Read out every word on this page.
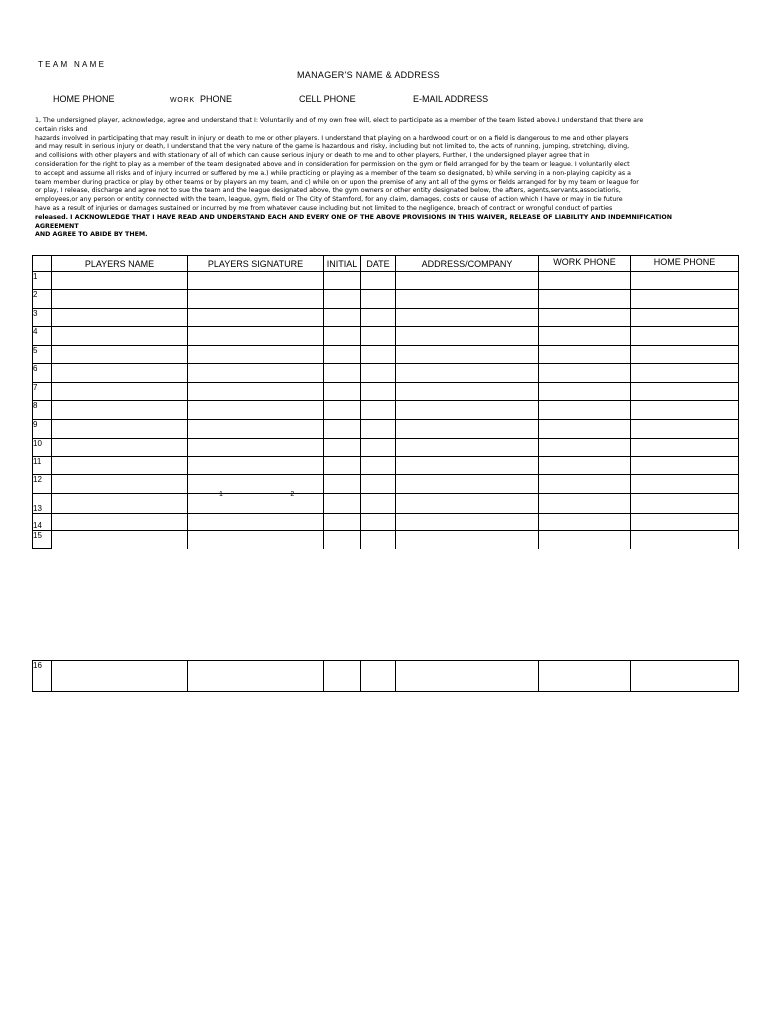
TEAM NAME
MANAGER'S NAME & ADDRESS
HOME PHONE	WORK PHONE	CELL PHONE	E-MAIL ADDRESS
1, The undersigned player, acknowledge, agree and understand that I: Voluntarily and of my own free will, elect to participate as a member of the team listed above.I understand that there are
certain risks and
hazards involved in participating that may result in injury or death to me or other players. I understand that playing on a hardwood court or on a field is dangerous to me and other players
and may result in serious injury or death, I understand that the very nature of the game is hazardous and risky, including but not limited to, the acts of running, jumping, stretching, diving,
and collisions with other players and with stationary of all of which can cause serious injury or death to me and to other players, Further, I the undersigned player agree that in
consideration for the right to play as a member of the team designated above and in consideration for permission on the gym or field arranged for by the team or league. I voluntarily elect
to accept and assume all risks and of injury incurred or suffered by me a.) while practicing or playing as a member of the team so designated, b) while serving in a non-playing capicity as a
team member during practice or play by other teams or by players an my team, and c) while on or upon the premise of any ant all of the gyms or fields arranged for by my team or league for
or play, I release, discharge and agree not to sue the team and the league designated above, the gym owners or other entity designated below, the afters, agents,servants,associatioris,
employees,or any person or entity connected with the team, league, gym, field or The City of Stamford, for any claim, damages, costs or cause of action which I have or may in tie future
have as a result of injuries or damages sustained or incurred by me from whatever cause including but not limited to the negligence, breach of contract or wrongful conduct of parties
released. I ACKNOWLEDGE THAT I HAVE READ AND UNDERSTAND EACH AND EVERY ONE OF THE ABOVE PROVISIONS IN THIS WAIVER, RELEASE OF LIABILITY AND INDEMNIFICATION
AGREEMENT
AND AGREE TO ABIDE BY THEM.
	PLAYERS NAME	PLAYERS SIGNATURE	INITIAL	DATE	ADDRESS/COMPANY	WORK PHONE	HOME PHONE
1							
2							
3							
4							
5							
6							
7							
8							
9							
10							
11							
12		$_1$ $_2$					
13							
14							
15							
16							
